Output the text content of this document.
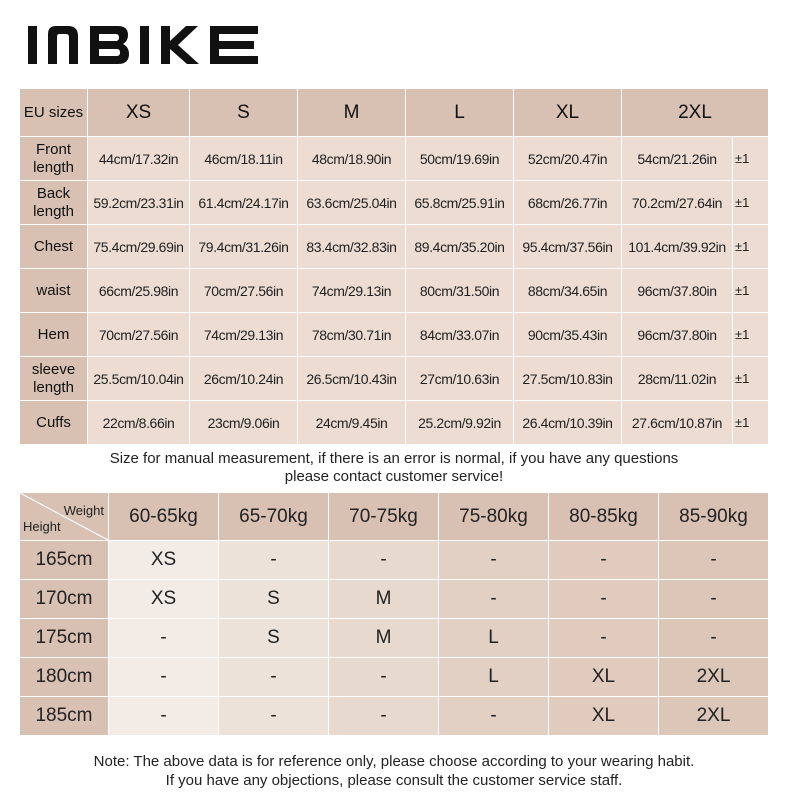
EU sizes	XS	S	M	L	XL	2XL	
Front length	44cm/17.32in	46cm/18.11in	48cm/18.90in	50cm/19.69in	52cm/20.47in	54cm/21.26in	±1
Back length	59.2cm/23.31in	61.4cm/24.17in	63.6cm/25.04in	65.8cm/25.91in	68cm/26.77in	70.2cm/27.64in	±1
Chest	75.4cm/29.69in	79.4cm/31.26in	83.4cm/32.83in	89.4cm/35.20in	95.4cm/37.56in	101.4cm/39.92in	±1
waist	66cm/25.98in	70cm/27.56in	74cm/29.13in	80cm/31.50in	88cm/34.65in	96cm/37.80in	±1
Hem	70cm/27.56in	74cm/29.13in	78cm/30.71in	84cm/33.07in	90cm/35.43in	96cm/37.80in	±1
sleeve length	25.5cm/10.04in	26cm/10.24in	26.5cm/10.43in	27cm/10.63in	27.5cm/10.83in	28cm/11.02in	±1
Cuffs	22cm/8.66in	23cm/9.06in	24cm/9.45in	25.2cm/9.92in	26.4cm/10.39in	27.6cm/10.87in	±1
Size for manual measurement, if there is an error is normal, if you have any questions
please contact customer service!
Weight
Height	60-65kg	65-70kg	70-75kg	75-80kg	80-85kg	85-90kg
165cm	XS	-	-	-	-	-
170cm	XS	S	M	-	-	-
175cm	-	S	M	L	-	-
180cm	-	-	-	L	XL	2XL
185cm	-	-	-	-	XL	2XL
Note: The above data is for reference only, please choose according to your wearing habit.
If you have any objections, please consult the customer service staff.
